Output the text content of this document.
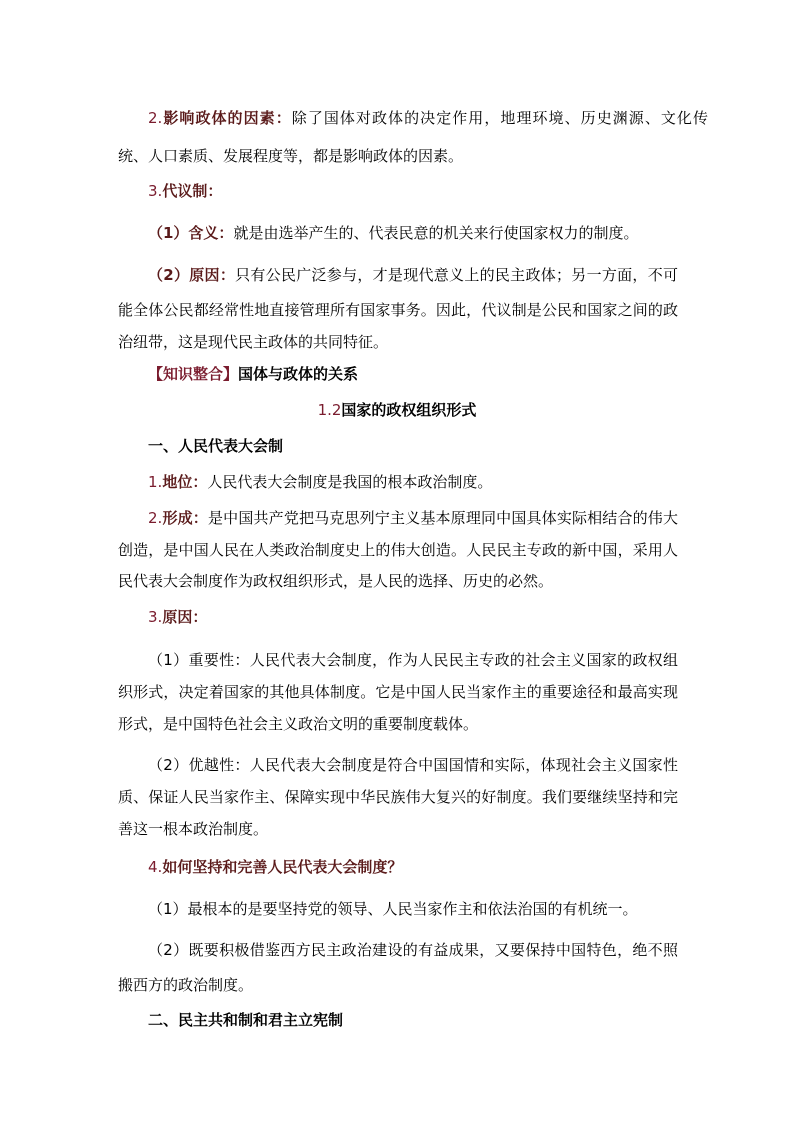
2.影响政体的因素：除了国体对政体的决定作用，地理环境、历史渊源、文化传
统、人口素质、发展程度等，都是影响政体的因素。
3.代议制：
（1）含义：就是由选举产生的、代表民意的机关来行使国家权力的制度。
（2）原因：只有公民广泛参与，才是现代意义上的民主政体；另一方面，不可
能全体公民都经常性地直接管理所有国家事务。因此，代议制是公民和国家之间的政
治纽带，这是现代民主政体的共同特征。
【知识整合】国体与政体的关系
1.2国家的政权组织形式
一、人民代表大会制
1.地位：人民代表大会制度是我国的根本政治制度。
2.形成：是中国共产党把马克思列宁主义基本原理同中国具体实际相结合的伟大
创造，是中国人民在人类政治制度史上的伟大创造。人民民主专政的新中国，采用人
民代表大会制度作为政权组织形式，是人民的选择、历史的必然。
3.原因：
（1）重要性：人民代表大会制度，作为人民民主专政的社会主义国家的政权组
织形式，决定着国家的其他具体制度。它是中国人民当家作主的重要途径和最高实现
形式，是中国特色社会主义政治文明的重要制度载体。
（2）优越性：人民代表大会制度是符合中国国情和实际，体现社会主义国家性
质、保证人民当家作主、保障实现中华民族伟大复兴的好制度。我们要继续坚持和完
善这一根本政治制度。
4.如何坚持和完善人民代表大会制度？
（1）最根本的是要坚持党的领导、人民当家作主和依法治国的有机统一。
（2）既要积极借鉴西方民主政治建设的有益成果，又要保持中国特色，绝不照
搬西方的政治制度。
二、民主共和制和君主立宪制
